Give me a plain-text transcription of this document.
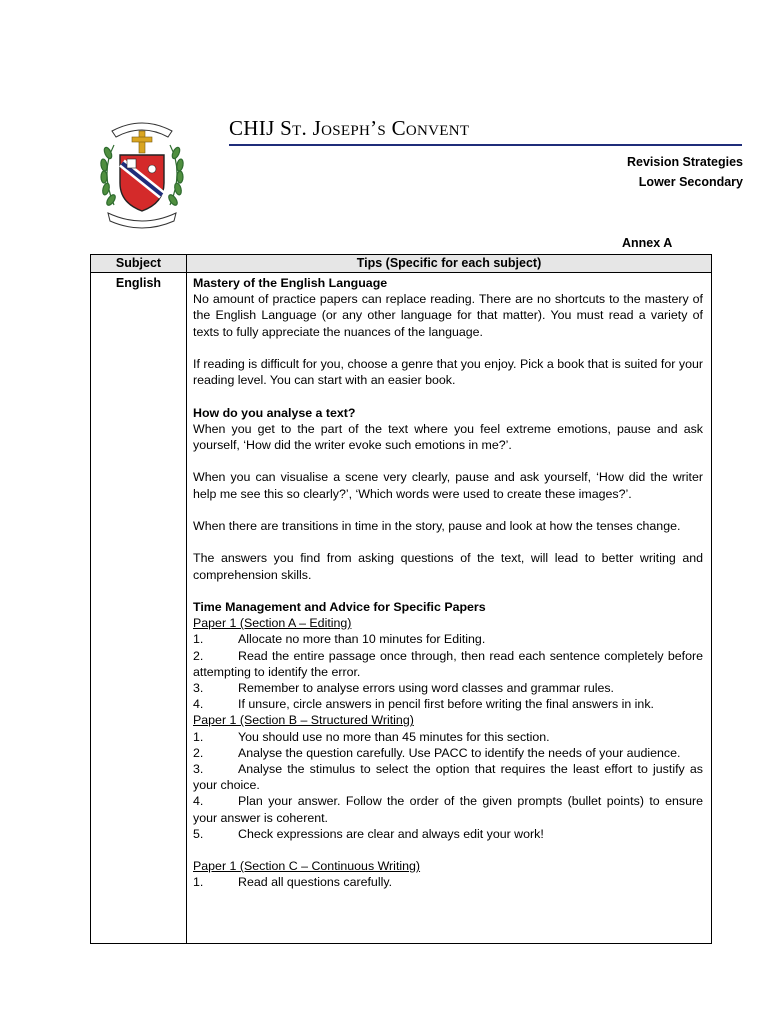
CHIJ St. Joseph’s Convent
Revision Strategies
Lower Secondary
Annex A
Subject	Tips (Specific for each subject)
English	Mastery of the English Language

No amount of practice papers can replace reading. There are no shortcuts to the mastery of the English Language (or any other language for that matter). You must read a variety of texts to fully appreciate the nuances of the language.

If reading is difficult for you, choose a genre that you enjoy. Pick a book that is suited for your reading level. You can start with an easier book.

How do you analyse a text?

When you get to the part of the text where you feel extreme emotions, pause and ask yourself, ‘How did the writer evoke such emotions in me?’.

When you can visualise a scene very clearly, pause and ask yourself, ‘How did the writer help me see this so clearly?’, ‘Which words were used to create these images?’.

When there are transitions in time in the story, pause and look at how the tenses change.

The answers you find from asking questions of the text, will lead to better writing and comprehension skills.

Time Management and Advice for Specific Papers

Paper 1 (Section A – Editing)

1.	Allocate no more than 10 minutes for Editing.

2.	Read the entire passage once through, then read each sentence completely before attempting to identify the error.

3.	Remember to analyse errors using word classes and grammar rules.

4.	If unsure, circle answers in pencil first before writing the final answers in ink.

Paper 1 (Section B – Structured Writing)

1.	You should use no more than 45 minutes for this section.

2.	Analyse the question carefully. Use PACC to identify the needs of your audience.

3.	Analyse the stimulus to select the option that requires the least effort to justify as your choice.

4.	Plan your answer. Follow the order of the given prompts (bullet points) to ensure your answer is coherent.

5.	Check expressions are clear and always edit your work!

Paper 1 (Section C – Continuous Writing)

1.	Read all questions carefully.
